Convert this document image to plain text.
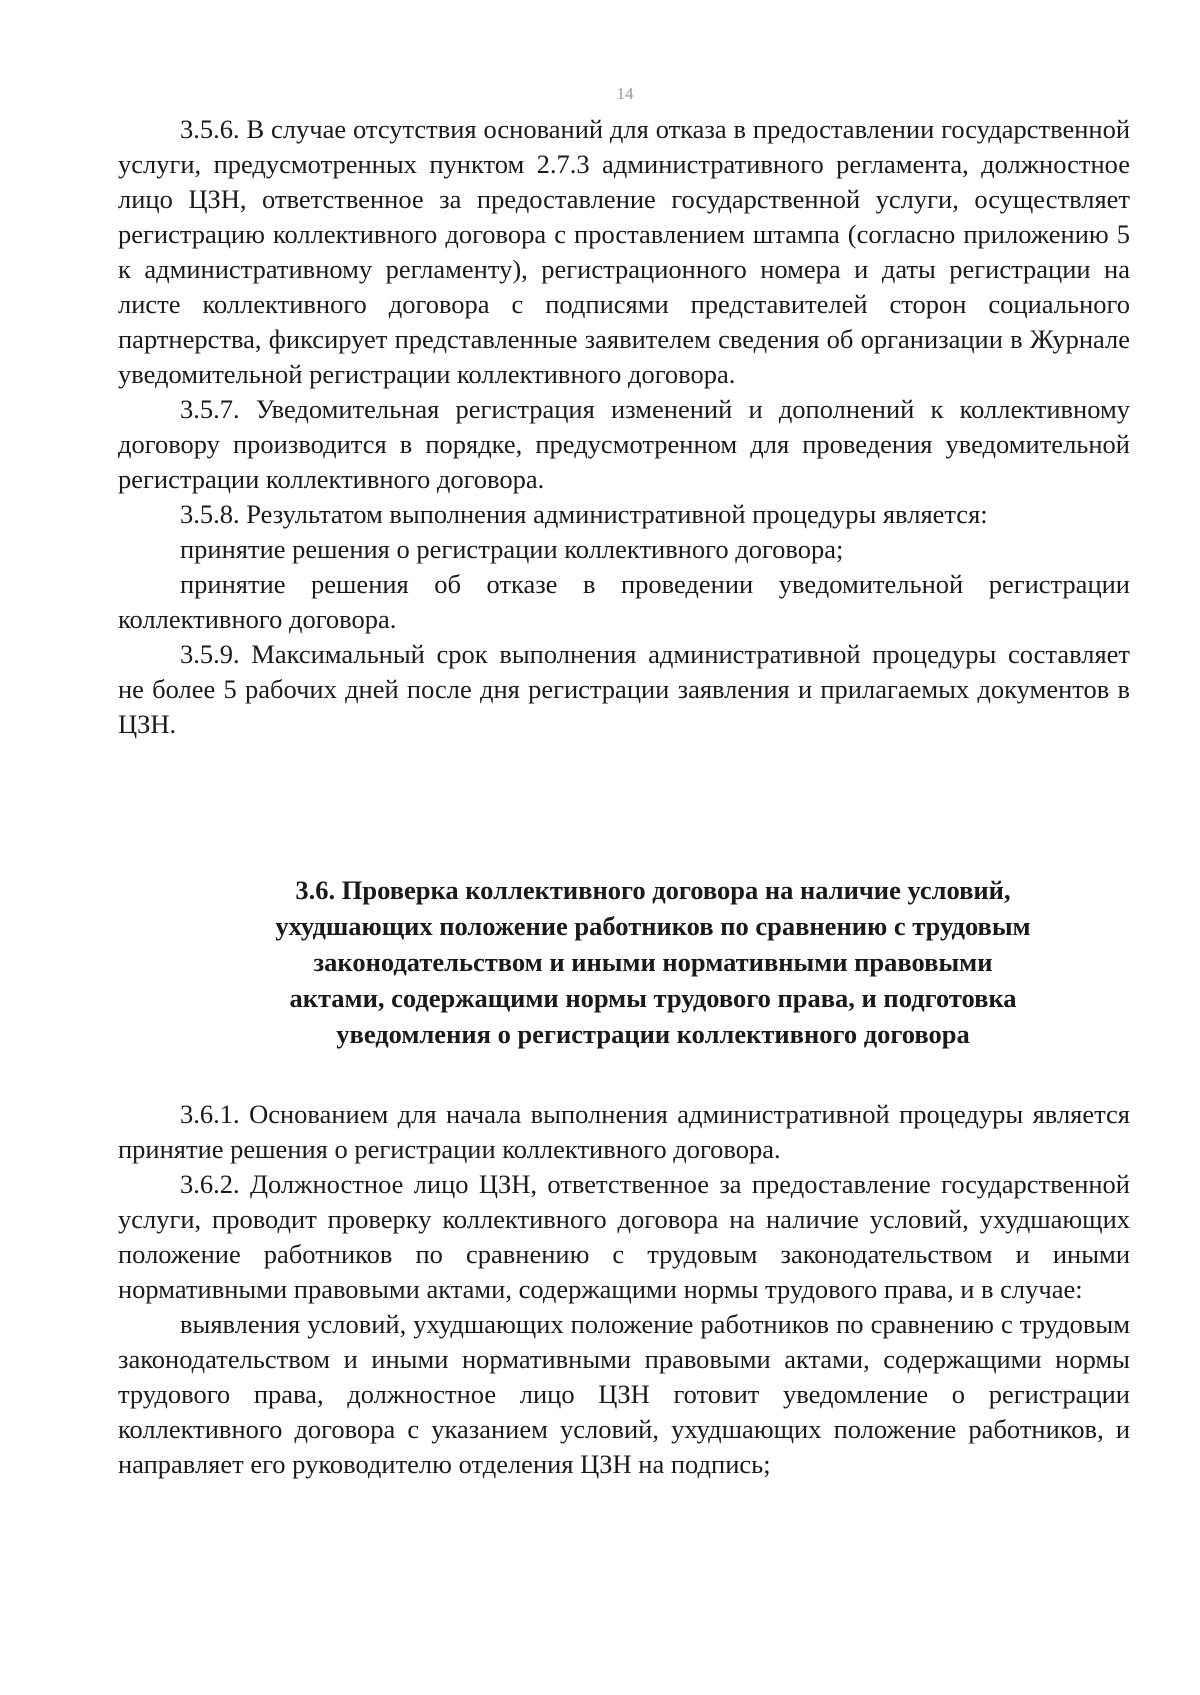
14

3.5.6. В случае отсутствия оснований для отказа в предоставлении государственной услуги, предусмотренных пунктом 2.7.3 административного регламента, должностное лицо ЦЗН, ответственное за предоставление государственной услуги, осуществляет регистрацию коллективного договора с проставлением штампа (согласно приложению 5 к административному регламенту), регистрационного номера и даты регистрации на листе коллективного договора с подписями представителей сторон социального партнерства, фиксирует представленные заявителем сведения об организации в Журнале уведомительной регистрации коллективного договора.

3.5.7. Уведомительная регистрация изменений и дополнений к коллективному договору производится в порядке, предусмотренном для проведения уведомительной регистрации коллективного договора.

3.5.8. Результатом выполнения административной процедуры является:

принятие решения о регистрации коллективного договора;

принятие решения об отказе в проведении уведомительной регистрации коллективного договора.

3.5.9. Максимальный срок выполнения административной процедуры составляет не более 5 рабочих дней после дня регистрации заявления и прилагаемых документов в ЦЗН.

3.6. Проверка коллективного договора на наличие условий,
ухудшающих положение работников по сравнению с трудовым
законодательством и иными нормативными правовыми
актами, содержащими нормы трудового права, и подготовка
уведомления о регистрации коллективного договора

3.6.1. Основанием для начала выполнения административной процедуры является принятие решения о регистрации коллективного договора.

3.6.2. Должностное лицо ЦЗН, ответственное за предоставление государственной услуги, проводит проверку коллективного договора на наличие условий, ухудшающих положение работников по сравнению с трудовым законодательством и иными нормативными правовыми актами, содержащими нормы трудового права, и в случае:

выявления условий, ухудшающих положение работников по сравнению с трудовым законодательством и иными нормативными правовыми актами, содержащими нормы трудового права, должностное лицо ЦЗН готовит уведомление о регистрации коллективного договора с указанием условий, ухудшающих положение работников, и направляет его руководителю отделения ЦЗН на подпись;
